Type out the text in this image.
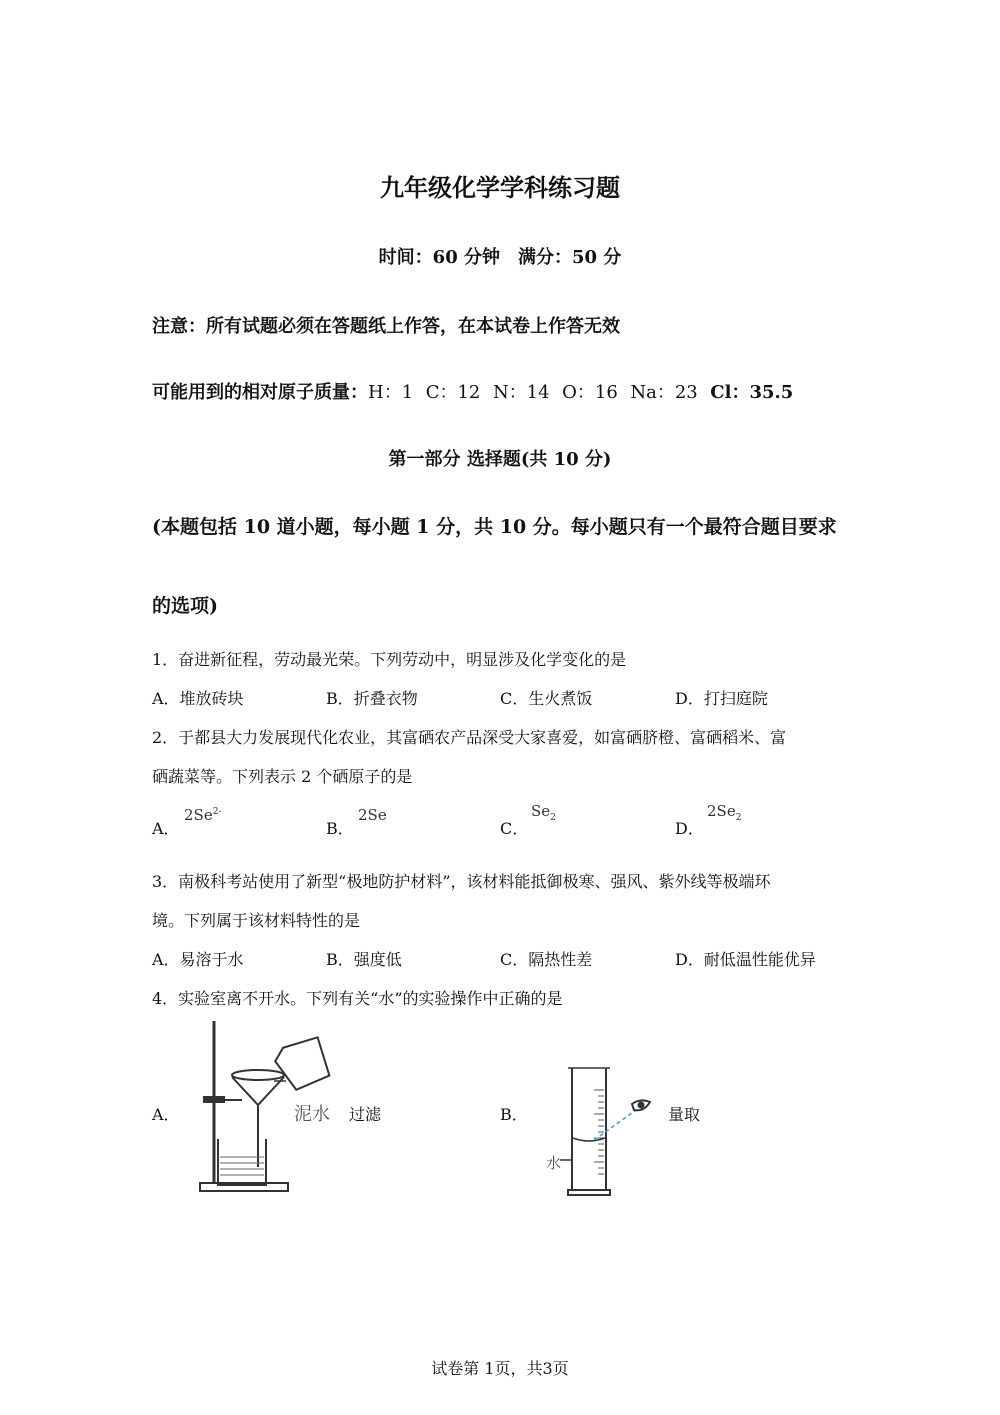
九年级化学学科练习题
时间：60 分钟　满分：50 分
注意：所有试题必须在答题纸上作答，在本试卷上作答无效
可能用到的相对原子质量：H：1 C：12 N：14 O：16 Na：23 Cl：35.5
第一部分 选择题(共 10 分)
(本题包括 10 道小题，每小题 1 分，共 10 分。每小题只有一个最符合题目要求
的选项)
1．奋进新征程，劳动最光荣。下列劳动中，明显涉及化学变化的是
A．堆放砖块	B．折叠衣物	C．生火煮饭	D．打扫庭院
2．于都县大力发展现代化农业，其富硒农产品深受大家喜爱，如富硒脐橙、富硒稻米、富
硒蔬菜等。下列表示 2 个硒原子的是
A．
$2Se^{2-}$
B．
2Se
C．
$Se_2$
D．
$2Se_2$
3．南极科考站使用了新型“极地防护材料”，该材料能抵御极寒、强风、紫外线等极端环
境。下列属于该材料特性的是
A．易溶于水	B．强度低	C．隔热性差	D．耐低温性能优异
4．实验室离不开水。下列有关“水”的实验操作中正确的是
A．	泥水 过滤	B．
水
量取
试卷第 1页，共3页
